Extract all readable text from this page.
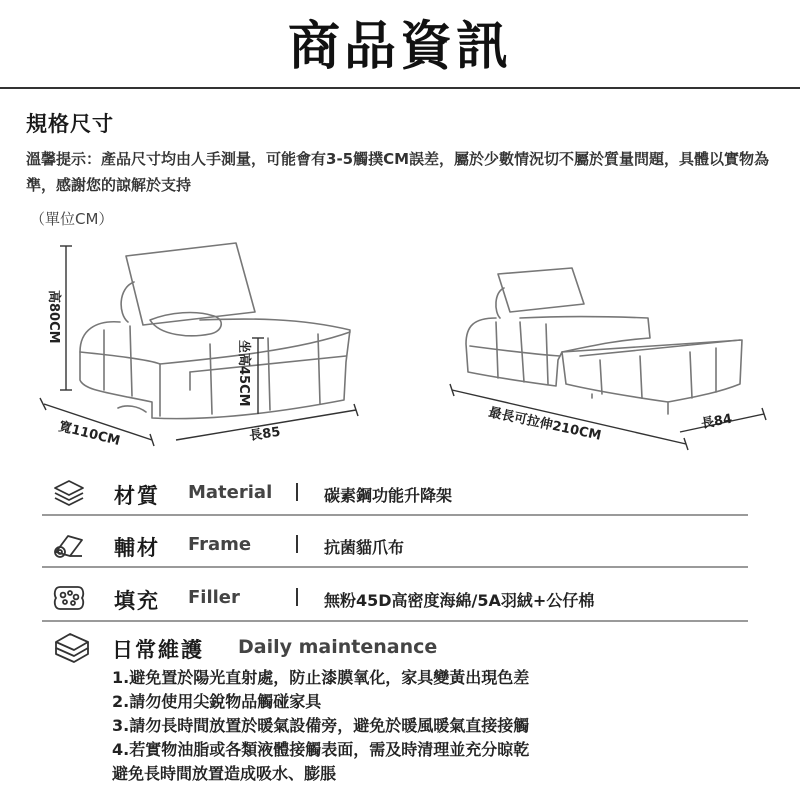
商品資訊
規格尺寸
溫馨提示：產品尺寸均由人手測量，可能會有3-5觸撲CM誤差，屬於少數情況切不屬於質量問題，具體以實物為準，感謝您的諒解於支持
（單位CM）
高80CM
坐高45CM
寬110CM	長85	最長可拉伸210CM	長84
材質 Material	碳素鋼功能升降架
輔材 Frame	抗菌貓爪布
填充 Filler	無粉45D高密度海綿/5A羽絨+公仔棉
日常維護 Daily maintenance
1.避免置於陽光直射處，防止漆膜氧化，家具變黃出現色差
2.請勿使用尖銳物品觸碰家具
3.請勿長時間放置於暖氣設備旁，避免於暖風暖氣直接接觸
4.若實物油脂或各類液體接觸表面，需及時清理並充分晾乾
避免長時間放置造成吸水、膨脹
